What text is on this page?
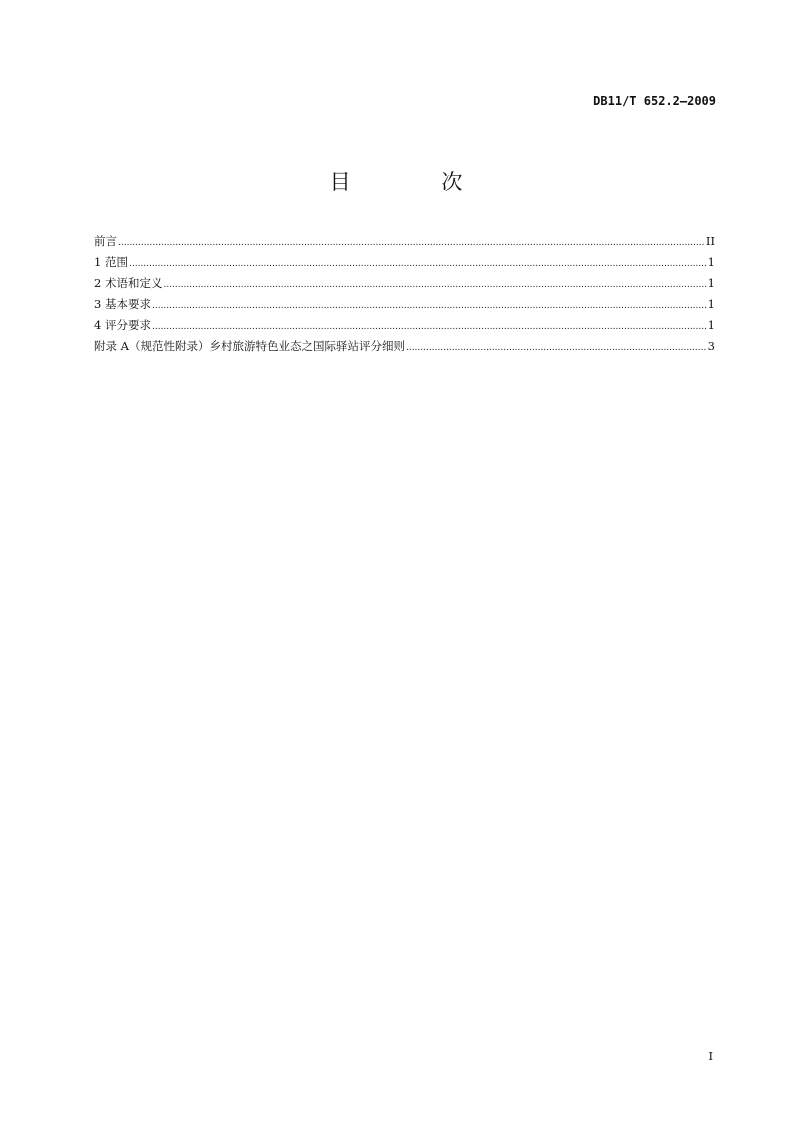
DB11/T 652.2—2009
目 次
前言 .....	II
1 范围 .....	1
2 术语和定义 .....	1
3 基本要求 .....	1
4 评分要求 .....	1
附录 A（规范性附录）乡村旅游特色业态之国际驿站评分细则 .....	3
I
